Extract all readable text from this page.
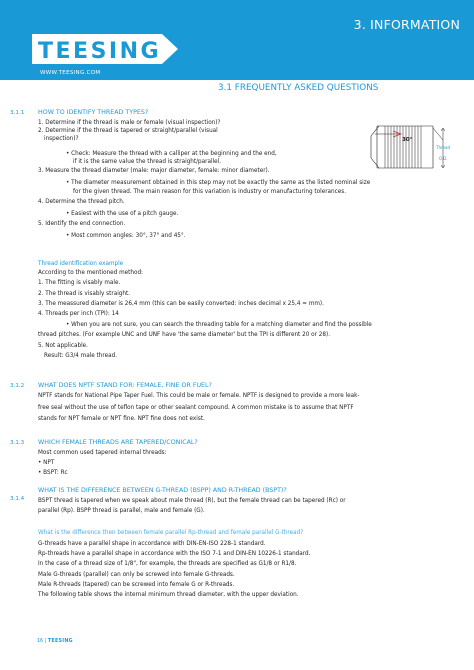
3. INFORMATION
TEESING
WWW.TEESING.COM
3.1 FREQUENTLY ASKED QUESTIONS
3.1.1 HOW TO IDENTIFY THREAD TYPES?
1. Determine if the thread is male or female (visual inspection)?
2. Determine if the thread is tapered or straight/parallel (visual
inspection)?
• Check: Measure the thread with a calliper at the beginning and the end,
if it is the same value the thread is straight/parallel.
3. Measure the thread diameter (male: major diameter, female: minor diameter).
• The diameter measurement obtained in this step may not be exactly the same as the listed nominal size
for the given thread. The main reason for this variation is industry or manufacturing tolerances.
4. Determine the thread pitch.
• Easiest with the use of a pitch gauge.
5. Identify the end connection.
• Most common angles: 30°, 37° and 45°.
30°
Thread
O.D.
Thread identification example
According to the mentioned method:
1. The fitting is visably male.
2. The thread is visably straight.
3. The meassured diameter is 26,4 mm (this can be easily converted: inches decimal x 25,4 = mm).
4. Threads per inch (TPI): 14
• When you are not sure, you can search the threading table for a matching diameter and find the possible
thread pitches. (For example UNC and UNF have 'the same diameter' but the TPI is different 20 or 28).
5. Not applicable.
Result: G3/4 male thread.
3.1.2 WHAT DOES NPTF STAND FOR: FEMALE, FINE OR FUEL?
NPTF stands for National Pipe Taper Fuel. This could be male or female. NPTF is designed to provide a more leak-
free seal without the use of teflon tape or other sealant compound. A common mistake is to assume that NPTF
stands for NPT female or NPT fine. NPT fine does not exist.
3.1.3 WHICH FEMALE THREADS ARE TAPERED/CONICAL?
Most common used tapered internal threads:
• NPT
• BSPT: Rc
3.1.4
WHAT IS THE DIFFERENCE BETWEEN G-THREAD (BSPP) AND R-THREAD (BSPT)?
BSPT thread is tapered when we speak about male thread (R), but the female thread can be tapered (Rc) or
parallel (Rp). BSPP thread is parallel, male and female (G).
What is the difference then between female parallel Rp-thread and female parallel G-thread?
G-threads have a parallel shape in accordance with DIN-EN-ISO 228-1 standard.
Rp-threads have a parallel shape in accordance with the ISO 7-1 and DIN-EN 10226-1 standard.
In the case of a thread size of 1/8", for example, the threads are specified as G1/8 or R1/8.
Male G-threads (parallel) can only be screwed into female G-threads.
Male R-threads (tapered) can be screwed into female G or R-threads.
The following table shows the internal minimum thread diameter, with the upper deviation.
16 | TEESING
